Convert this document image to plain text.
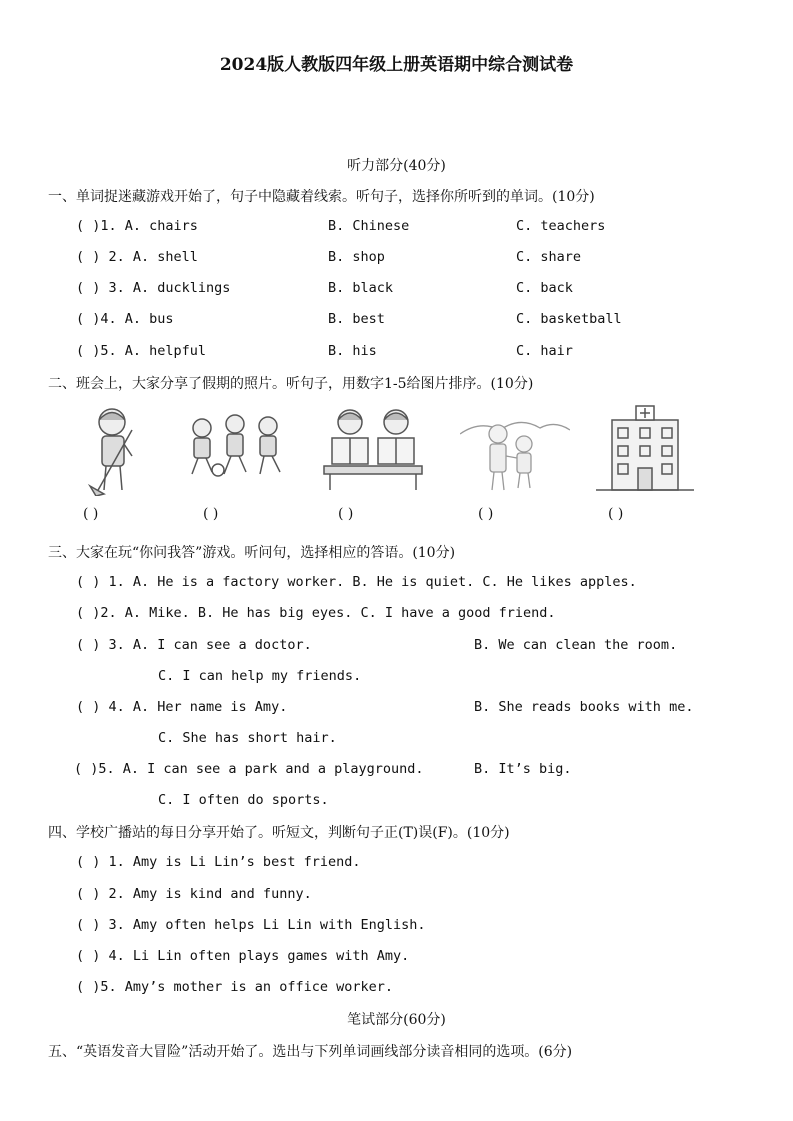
2024版人教版四年级上册英语期中综合测试卷
听力部分(40分)
一、单词捉迷藏游戏开始了，句子中隐藏着线索。听句子，选择你所听到的单词。(10分)
( )1. A. chairs	B. Chinese	C. teachers
( ) 2. A. shell	B. shop	C. share
( ) 3. A. ducklings	B. black	C. back
( )4. A. bus	B. best	C. basketball
( )5. A. helpful	B. his	C. hair
二、班会上，大家分享了假期的照片。听句子，用数字1-5给图片排序。(10分)
( )	( )	( )	( )	( )
三、大家在玩“你问我答”游戏。听问句，选择相应的答语。(10分)
( ) 1. A. He is a factory worker. B. He is quiet. C. He likes apples.
( )2. A. Mike. B. He has big eyes. C. I have a good friend.
( ) 3. A. I can see a doctor.	B. We can clean the room.
C. I can help my friends.
( ) 4. A. Her name is Amy.	B. She reads books with me.
C. She has short hair.
( )5. A. I can see a park and a playground.	B. It’s big.
C. I often do sports.
四、学校广播站的每日分享开始了。听短文，判断句子正(T)误(F)。(10分)
( ) 1. Amy is Li Lin’s best friend.
( ) 2. Amy is kind and funny.
( ) 3. Amy often helps Li Lin with English.
( ) 4. Li Lin often plays games with Amy.
( )5. Amy’s mother is an office worker.
笔试部分(60分)
五、“英语发音大冒险”活动开始了。选出与下列单词画线部分读音相同的选项。(6分)
